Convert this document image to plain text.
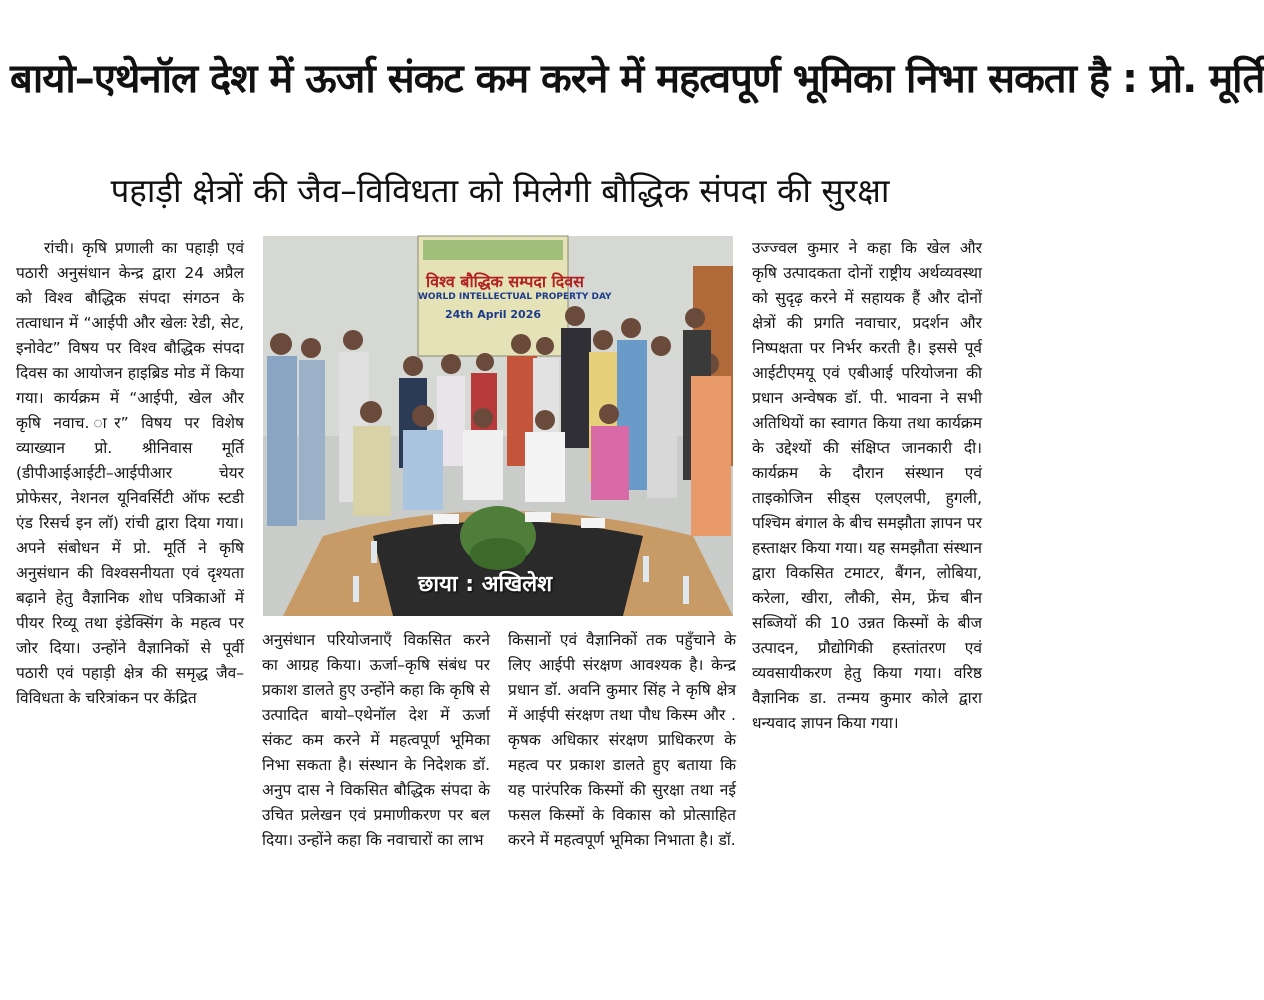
बायो–एथेनॉल देश में ऊर्जा संकट कम करने में महत्वपूर्ण भूमिका निभा सकता है : प्रो. मूर्ति
पहाड़ी क्षेत्रों की जैव–विविधता को मिलेगी बौद्धिक संपदा की सुरक्षा
रांची। कृषि प्रणाली का पहाड़ी एवं पठारी अनुसंधान केन्द्र द्वारा 24 अप्रैल को विश्व बौद्धिक संपदा संगठन के तत्वाधान में “आईपी और खेलः रेडी, सेट, इनोवेट” विषय पर विश्व बौद्धिक संपदा दिवस का आयोजन हाइब्रिड मोड में किया गया। कार्यक्रम में “आईपी, खेल और कृषि नवाच. ार” विषय पर विशेष व्याख्यान प्रो. श्रीनिवास मूर्ति (डीपीआईआईटी–आईपीआर चेयर प्रोफेसर, नेशनल यूनिवर्सिटी ऑफ स्टडी एंड रिसर्च इन लॉ) रांची द्वारा दिया गया। अपने संबोधन में प्रो. मूर्ति ने कृषि अनुसंधान की विश्वसनीयता एवं दृश्यता बढ़ाने हेतु वैज्ञानिक शोध पत्रिकाओं में पीयर रिव्यू तथा इंडेक्सिंग के महत्व पर जोर दिया। उन्होंने वैज्ञानिकों से पूर्वी पठारी एवं पहाड़ी क्षेत्र की समृद्ध जैव–विविधता के चरित्रांकन पर केंद्रित
विश्व बौद्धिक सम्पदा दिवस
WORLD INTELLECTUAL PROPERTY DAY
24th April 2026
छाया : अखिलेश
अनुसंधान परियोजनाएँ विकसित करने का आग्रह किया। ऊर्जा–कृषि संबंध पर प्रकाश डालते हुए उन्होंने कहा कि कृषि से उत्पादित बायो–एथेनॉल देश में ऊर्जा संकट कम करने में महत्वपूर्ण भूमिका निभा सकता है। संस्थान के निदेशक डॉ. अनुप दास ने विकसित बौद्धिक संपदा के उचित प्रलेखन एवं प्रमाणीकरण पर बल दिया। उन्होंने कहा कि नवाचारों का लाभ
किसानों एवं वैज्ञानिकों तक पहुँचाने के लिए आईपी संरक्षण आवश्यक है। केन्द्र प्रधान डॉ. अवनि कुमार सिंह ने कृषि क्षेत्र में आईपी संरक्षण तथा पौध किस्म और . कृषक अधिकार संरक्षण प्राधिकरण के महत्व पर प्रकाश डालते हुए बताया कि यह पारंपरिक किस्मों की सुरक्षा तथा नई फसल किस्मों के विकास को प्रोत्साहित करने में महत्वपूर्ण भूमिका निभाता है। डॉ.
उज्ज्वल कुमार ने कहा कि खेल और कृषि उत्पादकता दोनों राष्ट्रीय अर्थव्यवस्था को सुदृढ़ करने में सहायक हैं और दोनों क्षेत्रों की प्रगति नवाचार, प्रदर्शन और निष्पक्षता पर निर्भर करती है। इससे पूर्व आईटीएमयू एवं एबीआई परियोजना की प्रधान अन्वेषक डॉ. पी. भावना ने सभी अतिथियों का स्वागत किया तथा कार्यक्रम के उद्देश्यों की संक्षिप्त जानकारी दी। कार्यक्रम के दौरान संस्थान एवं ताइकोजिन सीड्स एलएलपी, हुगली, पश्चिम बंगाल के बीच समझौता ज्ञापन पर हस्ताक्षर किया गया। यह समझौता संस्थान द्वारा विकसित टमाटर, बैंगन, लोबिया, करेला, खीरा, लौकी, सेम, फ्रेंच बीन सब्जियों की 10 उन्नत किस्मों के बीज उत्पादन, प्रौद्योगिकी हस्तांतरण एवं व्यवसायीकरण हेतु किया गया। वरिष्ठ वैज्ञानिक डा. तन्मय कुमार कोले द्वारा धन्यवाद ज्ञापन किया गया।
